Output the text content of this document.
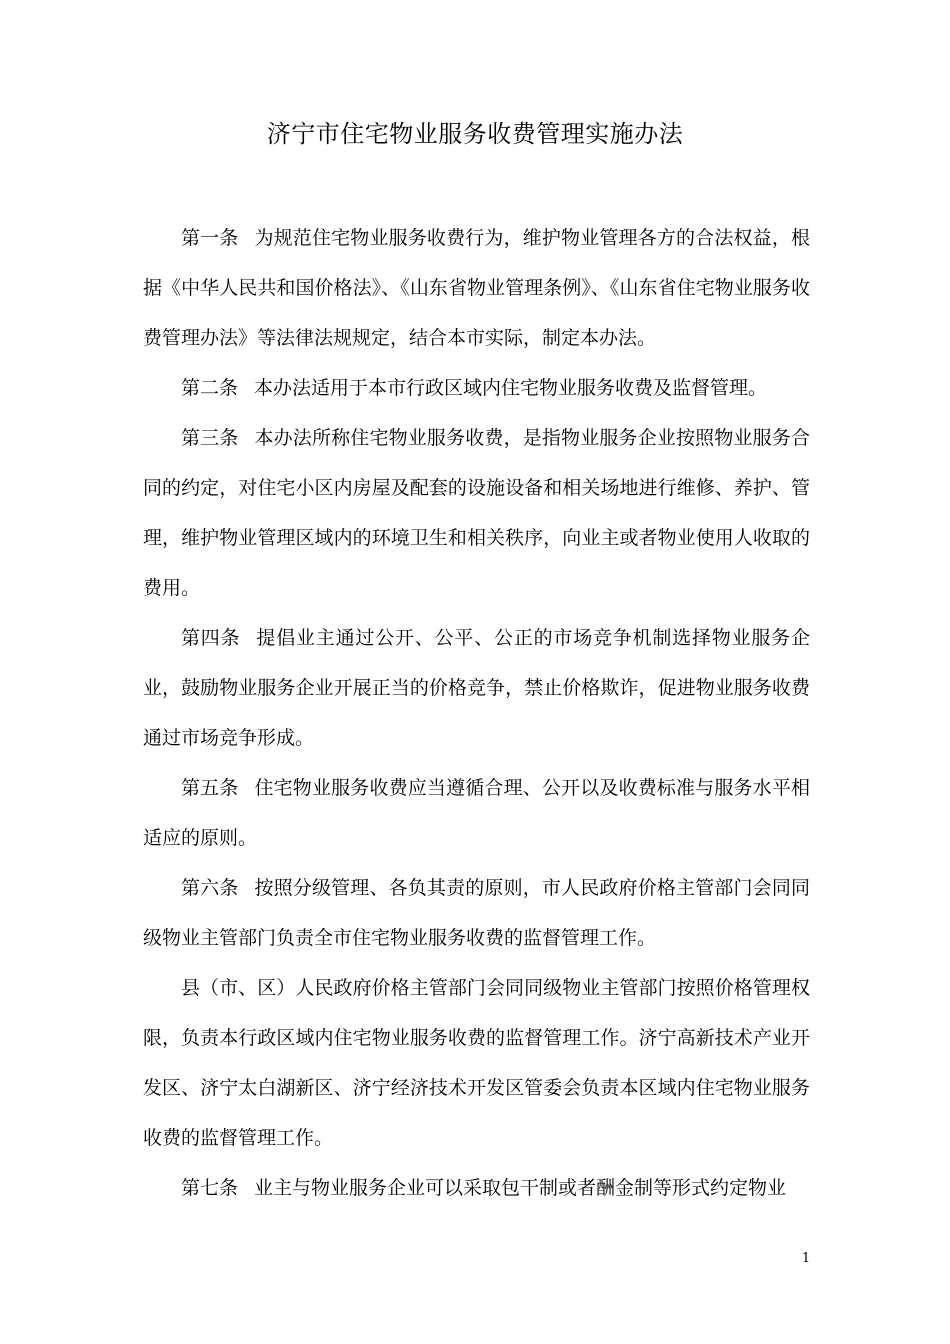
济宁市住宅物业服务收费管理实施办法

第一条 为规范住宅物业服务收费行为，维护物业管理各方的合法权益，根据《中华人民共和国价格法》、《山东省物业管理条例》、《山东省住宅物业服务收费管理办法》等法律法规规定，结合本市实际，制定本办法。

第二条 本办法适用于本市行政区域内住宅物业服务收费及监督管理。

第三条 本办法所称住宅物业服务收费，是指物业服务企业按照物业服务合同的约定，对住宅小区内房屋及配套的设施设备和相关场地进行维修、养护、管理，维护物业管理区域内的环境卫生和相关秩序，向业主或者物业使用人收取的费用。

第四条 提倡业主通过公开、公平、公正的市场竞争机制选择物业服务企业，鼓励物业服务企业开展正当的价格竞争，禁止价格欺诈，促进物业服务收费通过市场竞争形成。

第五条 住宅物业服务收费应当遵循合理、公开以及收费标准与服务水平相适应的原则。

第六条 按照分级管理、各负其责的原则，市人民政府价格主管部门会同同级物业主管部门负责全市住宅物业服务收费的监督管理工作。

县（市、区）人民政府价格主管部门会同同级物业主管部门按照价格管理权限，负责本行政区域内住宅物业服务收费的监督管理工作。济宁高新技术产业开发区、济宁太白湖新区、济宁经济技术开发区管委会负责本区域内住宅物业服务收费的监督管理工作。

第七条 业主与物业服务企业可以采取包干制或者酬金制等形式约定物业

1
